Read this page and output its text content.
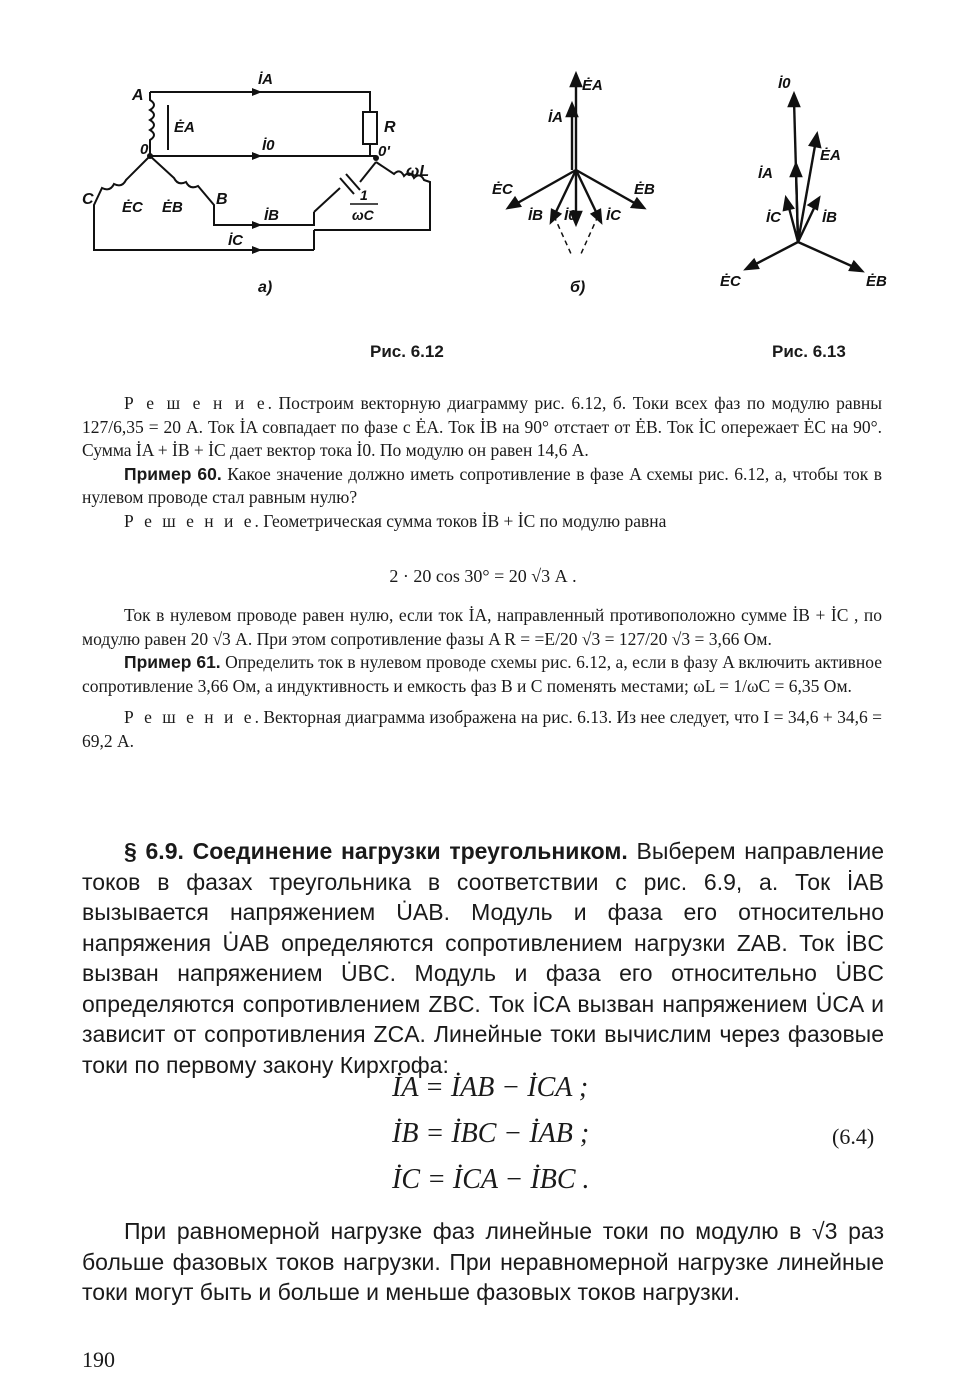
A
0	0'
C	B
R
ωL
1
ωC
İA
İ0
İB
İC
ĖA
ĖC ĖB
а)
ĖA
İA
ĖC	ĖB
İB İ0 İC
б)
İ0
ĖA
İA
İC	İB
ĖC	ĖB
Рис. 6.12	Рис. 6.13

Р е ш е н и е. Построим векторную диаграмму рис. 6.12, б. Токи всех фаз по модулю равны 127/6,35 = 20 А. Ток İA совпадает по фазе с ĖA. Ток İB на 90° отстает от ĖB. Ток İC опережает ĖC на 90°. Сумма İA + İB + İC дает вектор тока İ0. По модулю он равен 14,6 А.

Пример 60. Какое значение должно иметь сопротивление в фазе A схемы рис. 6.12, а, чтобы ток в нулевом проводе стал равным нулю?

Р е ш е н и е. Геометрическая сумма токов İB + İC по модулю равна

2 · 20 cos 30° = 20 √3 А .

Ток в нулевом проводе равен нулю, если ток İA, направленный противоположно сумме İB + İC , по модулю равен 20 √3 А. При этом сопротивление фазы A R = =E/20 √3 = 127/20 √3 = 3,66 Ом.

Пример 61. Определить ток в нулевом проводе схемы рис. 6.12, а, если в фазу A включить активное сопротивление 3,66 Ом, а индуктивность и емкость фаз B и C поменять местами; ωL = 1/ωC = 6,35 Ом.

Р е ш е н и е. Векторная диаграмма изображена на рис. 6.13. Из нее следует, что I = 34,6 + 34,6 = 69,2 А.

§ 6.9. Соединение нагрузки треугольником. Выберем направление токов в фазах треугольника в соответствии с рис. 6.9, а. Ток İAB вызывается напряжением U̇AB. Модуль и фаза его относительно напряжения U̇AB определяются сопротивлением нагрузки ZAB. Ток İBC вызван напряжением U̇BC. Модуль и фаза его относительно U̇BC определяются сопротивлением ZBC. Ток İCA вызван напряжением U̇CA и зависит от сопротивления ZCA. Линейные токи вычислим через фазовые токи по первому закону Кирхгофа:

İA = İAB − İCA ;
İB = İBC − İAB ;
İC = İCA − İBC .
(6.4)

При равномерной нагрузке фаз линейные токи по модулю в √3 раз больше фазовых токов нагрузки. При неравномерной нагрузке линейные токи могут быть и больше и меньше фазовых токов нагрузки.

190
